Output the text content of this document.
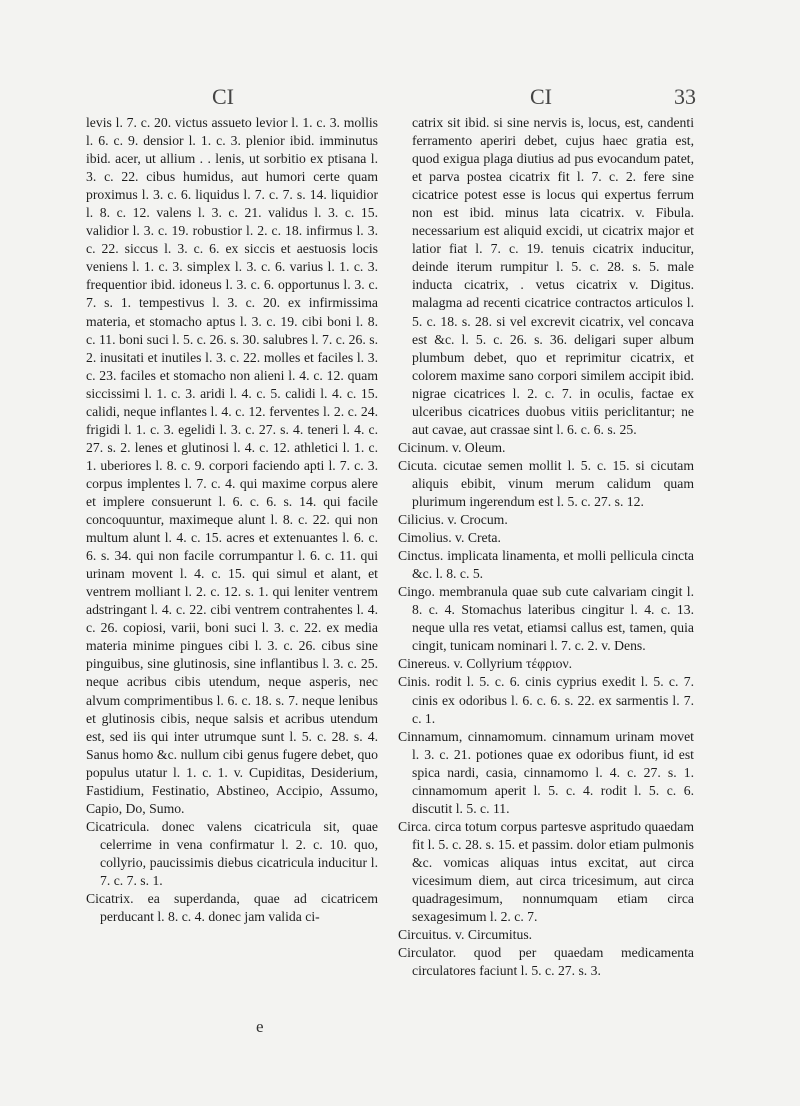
CI	CI	33

levis l. 7. c. 20. victus assueto levior l. 1. c. 3. mollis l. 6. c. 9. densior l. 1. c. 3. plenior ibid. imminutus ibid. acer, ut allium . . lenis, ut sorbitio ex ptisana l. 3. c. 22. cibus humidus, aut humori certe quam proximus l. 3. c. 6. liquidus l. 7. c. 7. s. 14. liquidior l. 8. c. 12. valens l. 3. c. 21. validus l. 3. c. 15. validior l. 3. c. 19. robustior l. 2. c. 18. infirmus l. 3. c. 22. siccus l. 3. c. 6. ex siccis et aestuosis locis veniens l. 1. c. 3. simplex l. 3. c. 6. varius l. 1. c. 3. frequentior ibid. idoneus l. 3. c. 6. opportunus l. 3. c. 7. s. 1. tempestivus l. 3. c. 20. ex infirmissima materia, et stomacho aptus l. 3. c. 19. cibi boni l. 8. c. 11. boni suci l. 5. c. 26. s. 30. salubres l. 7. c. 26. s. 2. inusitati et inutiles l. 3. c. 22. molles et faciles l. 3. c. 23. faciles et stomacho non alieni l. 4. c. 12. quam siccissimi l. 1. c. 3. aridi l. 4. c. 5. calidi l. 4. c. 15. calidi, neque inflantes l. 4. c. 12. ferventes l. 2. c. 24. frigidi l. 1. c. 3. egelidi l. 3. c. 27. s. 4. teneri l. 4. c. 27. s. 2. lenes et glutinosi l. 4. c. 12. athletici l. 1. c. 1. uberiores l. 8. c. 9. corpori faciendo apti l. 7. c. 3. corpus implentes l. 7. c. 4. qui maxime corpus alere et implere consuerunt l. 6. c. 6. s. 14. qui facile concoquuntur, maximeque alunt l. 8. c. 22. qui non multum alunt l. 4. c. 15. acres et extenuantes l. 6. c. 6. s. 34. qui non facile corrumpantur l. 6. c. 11. qui urinam movent l. 4. c. 15. qui simul et alant, et ventrem molliant l. 2. c. 12. s. 1. qui leniter ventrem adstringant l. 4. c. 22. cibi ventrem contrahentes l. 4. c. 26. copiosi, varii, boni suci l. 3. c. 22. ex media materia minime pingues cibi l. 3. c. 26. cibus sine pinguibus, sine glutinosis, sine inflantibus l. 3. c. 25. neque acribus cibis utendum, neque asperis, nec alvum comprimentibus l. 6. c. 18. s. 7. neque lenibus et glutinosis cibis, neque salsis et acribus utendum est, sed iis qui inter utrumque sunt l. 5. c. 28. s. 4. Sanus homo &c. nullum cibi genus fugere debet, quo populus utatur l. 1. c. 1. v. Cupiditas, Desiderium, Fastidium, Festinatio, Abstineo, Accipio, Assumo, Capio, Do, Sumo.

Cicatricula. donec valens cicatricula sit, quae celerrime in vena confirmatur l. 2. c. 10. quo, collyrio, paucissimis diebus cicatricula inducitur l. 7. c. 7. s. 1.

Cicatrix. ea superdanda, quae ad cicatricem perducant l. 8. c. 4. donec jam valida ci-

catrix sit ibid. si sine nervis is, locus, est, candenti ferramento aperiri debet, cujus haec gratia est, quod exigua plaga diutius ad pus evocandum patet, et parva postea cicatrix fit l. 7. c. 2. fere sine cicatrice potest esse is locus qui expertus ferrum non est ibid. minus lata cicatrix. v. Fibula. necessarium est aliquid excidi, ut cicatrix major et latior fiat l. 7. c. 19. tenuis cicatrix inducitur, deinde iterum rumpitur l. 5. c. 28. s. 5. male inducta cicatrix, . vetus cicatrix v. Digitus. malagma ad recenti cicatrice contractos articulos l. 5. c. 18. s. 28. si vel excrevit cicatrix, vel concava est &c. l. 5. c. 26. s. 36. deligari super album plumbum debet, quo et reprimitur cicatrix, et colorem maxime sano corpori similem accipit ibid. nigrae cicatrices l. 2. c. 7. in oculis, factae ex ulceribus cicatrices duobus vitiis periclitantur; ne aut cavae, aut crassae sint l. 6. c. 6. s. 25.

Cicinum. v. Oleum.

Cicuta. cicutae semen mollit l. 5. c. 15. si cicutam aliquis ebibit, vinum merum calidum quam plurimum ingerendum est l. 5. c. 27. s. 12.

Cilicius. v. Crocum.

Cimolius. v. Creta.

Cinctus. implicata linamenta, et molli pellicula cincta &c. l. 8. c. 5.

Cingo. membranula quae sub cute calvariam cingit l. 8. c. 4. Stomachus lateribus cingitur l. 4. c. 13. neque ulla res vetat, etiamsi callus est, tamen, quia cingit, tunicam nominari l. 7. c. 2. v. Dens.

Cinereus. v. Collyrium τέφριον.

Cinis. rodit l. 5. c. 6. cinis cyprius exedit l. 5. c. 7. cinis ex odoribus l. 6. c. 6. s. 22. ex sarmentis l. 7. c. 1.

Cinnamum, cinnamomum. cinnamum urinam movet l. 3. c. 21. potiones quae ex odoribus fiunt, id est spica nardi, casia, cinnamomo l. 4. c. 27. s. 1. cinnamomum aperit l. 5. c. 4. rodit l. 5. c. 6. discutit l. 5. c. 11.

Circa. circa totum corpus partesve aspritudo quaedam fit l. 5. c. 28. s. 15. et passim. dolor etiam pulmonis &c. vomicas aliquas intus excitat, aut circa vicesimum diem, aut circa tricesimum, aut circa quadragesimum, nonnumquam etiam circa sexagesimum l. 2. c. 7.

Circuitus. v. Circumitus.

Circulator. quod per quaedam medicamenta circulatores faciunt l. 5. c. 27. s. 3.

e
